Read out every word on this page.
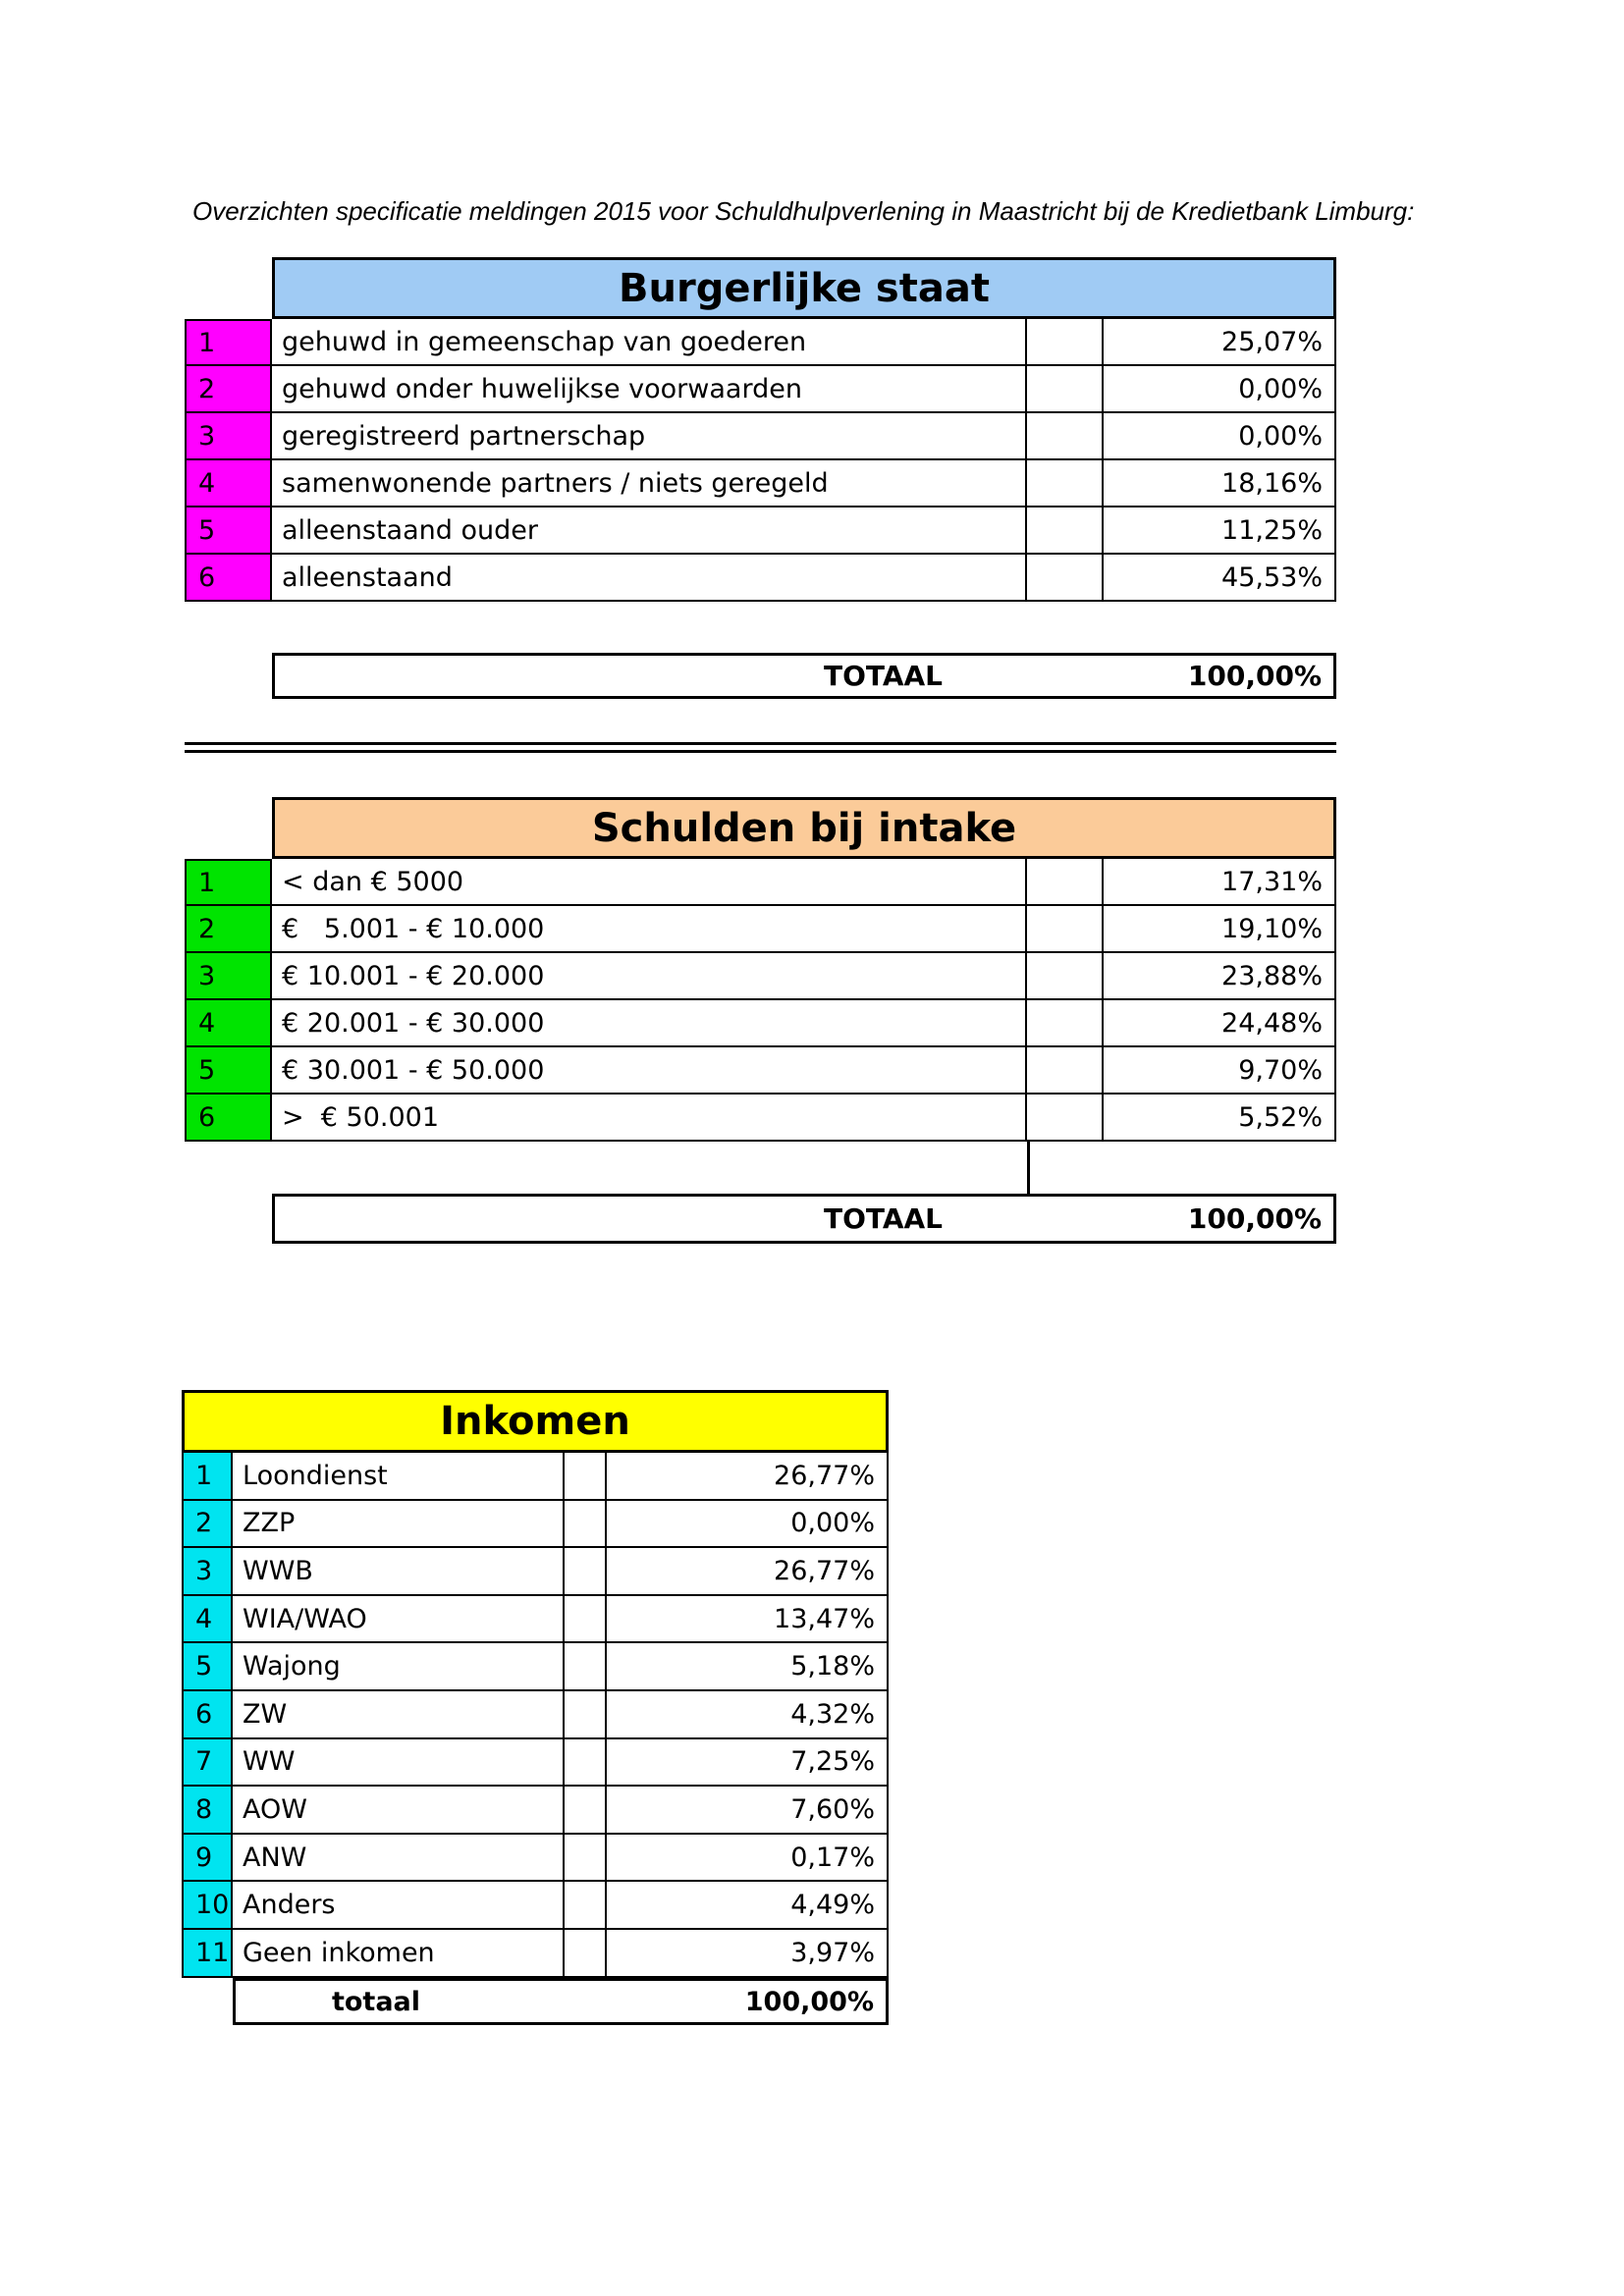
Overzichten specificatie meldingen 2015 voor Schuldhulpverlening in Maastricht bij de Kredietbank Limburg:
Burgerlijke staat
1	gehuwd in gemeenschap van goederen	25,07%
2	gehuwd onder huwelijkse voorwaarden	0,00%
3	geregistreerd partnerschap	0,00%
4	samenwonende partners / niets geregeld	18,16%
5	alleenstaand ouder	11,25%
6	alleenstaand	45,53%
TOTAAL	100,00%
Schulden bij intake
1	< dan € 5000	17,31%
2	€   5.001 - € 10.000	19,10%
3	€ 10.001 - € 20.000	23,88%
4	€ 20.001 - € 30.000	24,48%
5	€ 30.001 - € 50.000	9,70%
6	>  € 50.001	5,52%
TOTAAL	100,00%
Inkomen
1	Loondienst	26,77%
2	ZZP	0,00%
3	WWB	26,77%
4	WIA/WAO	13,47%
5	Wajong	5,18%
6	ZW	4,32%
7	WW	7,25%
8	AOW	7,60%
9	ANW	0,17%
10 Anders	4,49%
11 Geen inkomen	3,97%
totaal	100,00%
